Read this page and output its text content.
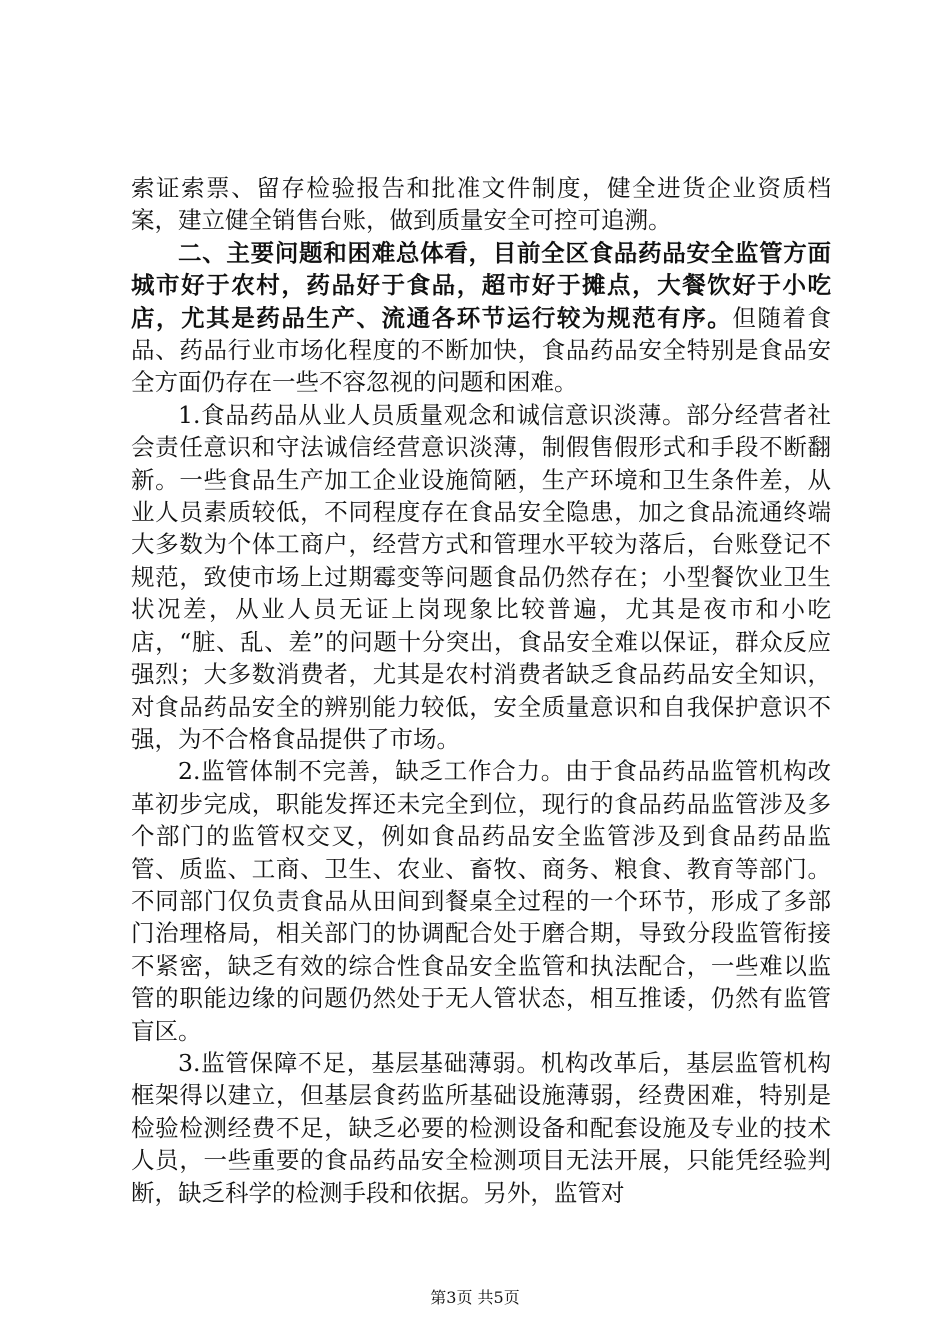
索证索票、留存检验报告和批准文件制度，健全进货企业资质档案，建立健全销售台账，做到质量安全可控可追溯。

二、主要问题和困难总体看，目前全区食品药品安全监管方面城市好于农村，药品好于食品，超市好于摊点，大餐饮好于小吃店，尤其是药品生产、流通各环节运行较为规范有序。但随着食品、药品行业市场化程度的不断加快，食品药品安全特别是食品安全方面仍存在一些不容忽视的问题和困难。

1.食品药品从业人员质量观念和诚信意识淡薄。部分经营者社会责任意识和守法诚信经营意识淡薄，制假售假形式和手段不断翻新。一些食品生产加工企业设施简陋，生产环境和卫生条件差，从业人员素质较低，不同程度存在食品安全隐患，加之食品流通终端大多数为个体工商户，经营方式和管理水平较为落后，台账登记不规范，致使市场上过期霉变等问题食品仍然存在；小型餐饮业卫生状况差，从业人员无证上岗现象比较普遍，尤其是夜市和小吃店，“脏、乱、差”的问题十分突出，食品安全难以保证，群众反应强烈；大多数消费者，尤其是农村消费者缺乏食品药品安全知识，对食品药品安全的辨别能力较低，安全质量意识和自我保护意识不强，为不合格食品提供了市场。

2.监管体制不完善，缺乏工作合力。由于食品药品监管机构改革初步完成，职能发挥还未完全到位，现行的食品药品监管涉及多个部门的监管权交叉，例如食品药品安全监管涉及到食品药品监管、质监、工商、卫生、农业、畜牧、商务、粮食、教育等部门。不同部门仅负责食品从田间到餐桌全过程的一个环节，形成了多部门治理格局，相关部门的协调配合处于磨合期，导致分段监管衔接不紧密，缺乏有效的综合性食品安全监管和执法配合，一些难以监管的职能边缘的问题仍然处于无人管状态，相互推诿，仍然有监管盲区。

3.监管保障不足，基层基础薄弱。机构改革后，基层监管机构框架得以建立，但基层食药监所基础设施薄弱，经费困难，特别是检验检测经费不足，缺乏必要的检测设备和配套设施及专业的技术人员，一些重要的食品药品安全检测项目无法开展，只能凭经验判断，缺乏科学的检测手段和依据。另外，监管对

第3页 共5页
